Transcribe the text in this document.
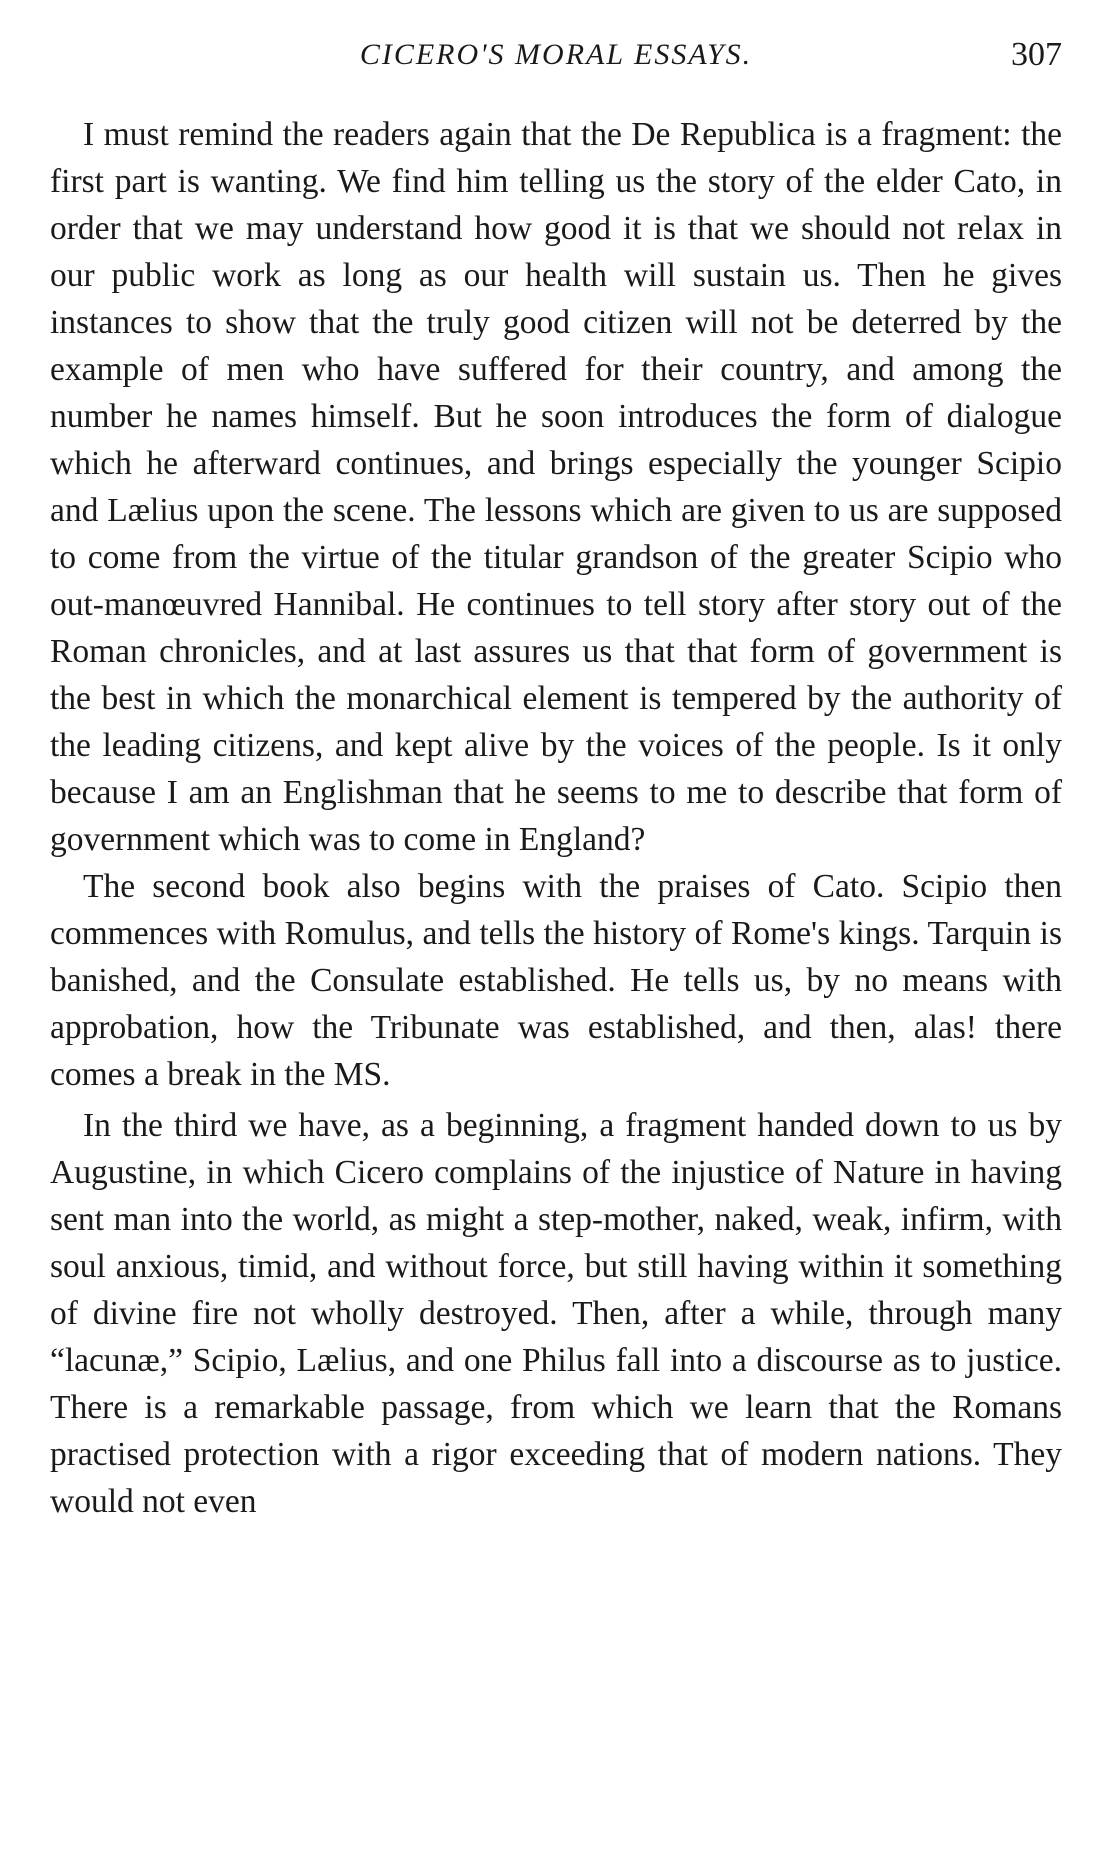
CICERO'S MORAL ESSAYS.	307

I must remind the readers again that the De Republica is a fragment: the first part is wanting. We find him telling us the story of the elder Cato, in order that we may understand how good it is that we should not relax in our public work as long as our health will sustain us. Then he gives instances to show that the truly good citizen will not be deterred by the example of men who have suffered for their country, and among the number he names himself. But he soon introduces the form of dialogue which he afterward continues, and brings especially the younger Scipio and Lælius upon the scene. The lessons which are given to us are supposed to come from the virtue of the titular grandson of the greater Scipio who out-manœuvred Hannibal. He continues to tell story after story out of the Roman chronicles, and at last assures us that that form of government is the best in which the monarchical element is tempered by the authority of the leading citizens, and kept alive by the voices of the people. Is it only because I am an Englishman that he seems to me to describe that form of government which was to come in England?

The second book also begins with the praises of Cato. Scipio then commences with Romulus, and tells the history of Rome's kings. Tarquin is banished, and the Consulate established. He tells us, by no means with approbation, how the Tribunate was established, and then, alas! there comes a break in the MS.

In the third we have, as a beginning, a fragment handed down to us by Augustine, in which Cicero complains of the injustice of Nature in having sent man into the world, as might a step-mother, naked, weak, infirm, with soul anxious, timid, and without force, but still having within it something of divine fire not wholly destroyed. Then, after a while, through many “lacunæ,” Scipio, Lælius, and one Philus fall into a discourse as to justice. There is a remarkable passage, from which we learn that the Romans practised protection with a rigor exceeding that of modern nations. They would not even
